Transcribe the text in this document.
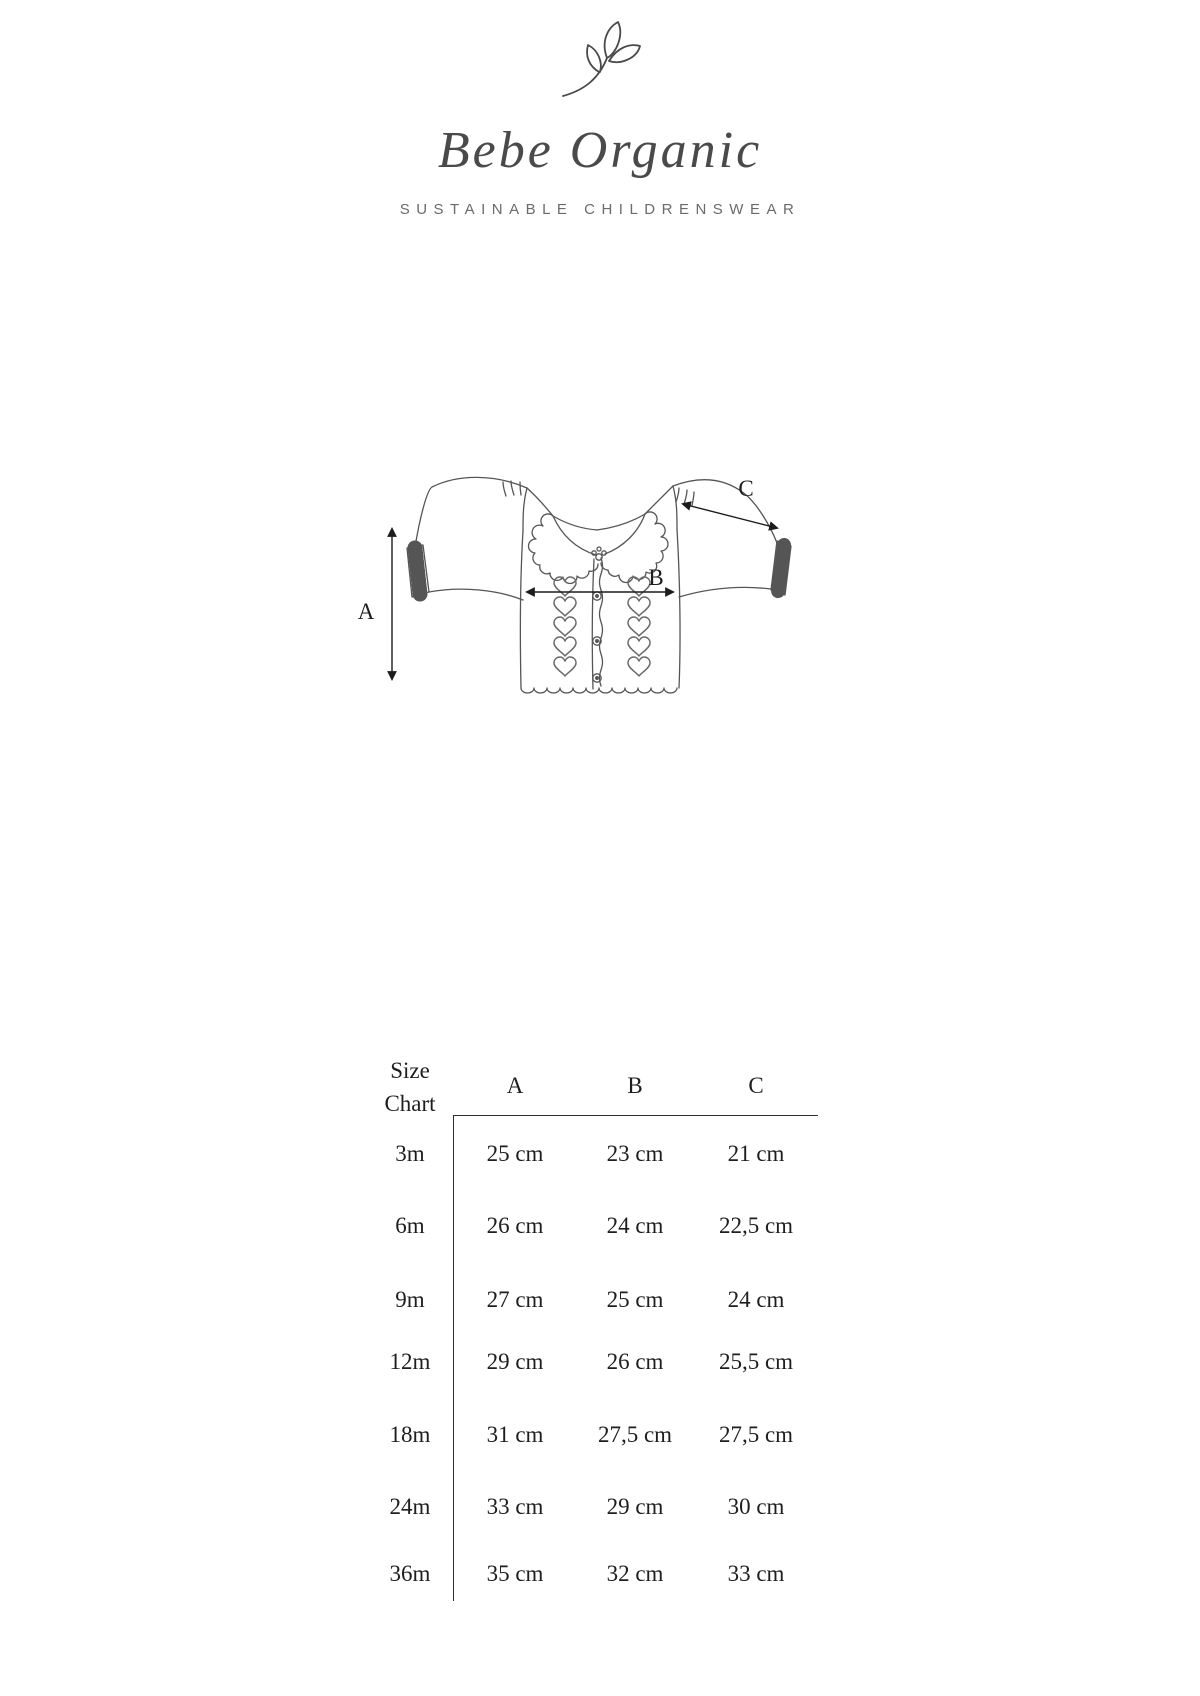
Bebe Organic
SUSTAINABLE CHILDRENSWEAR
A
B
C
Size
Chart
A	B	C
3m	25 cm	23 cm	21 cm
6m	26 cm	24 cm	22,5 cm
9m	27 cm	25 cm	24 cm
12m	29 cm	26 cm	25,5 cm
18m	31 cm	27,5 cm	27,5 cm
24m	33 cm	29 cm	30 cm
36m	35 cm	32 cm	33 cm
